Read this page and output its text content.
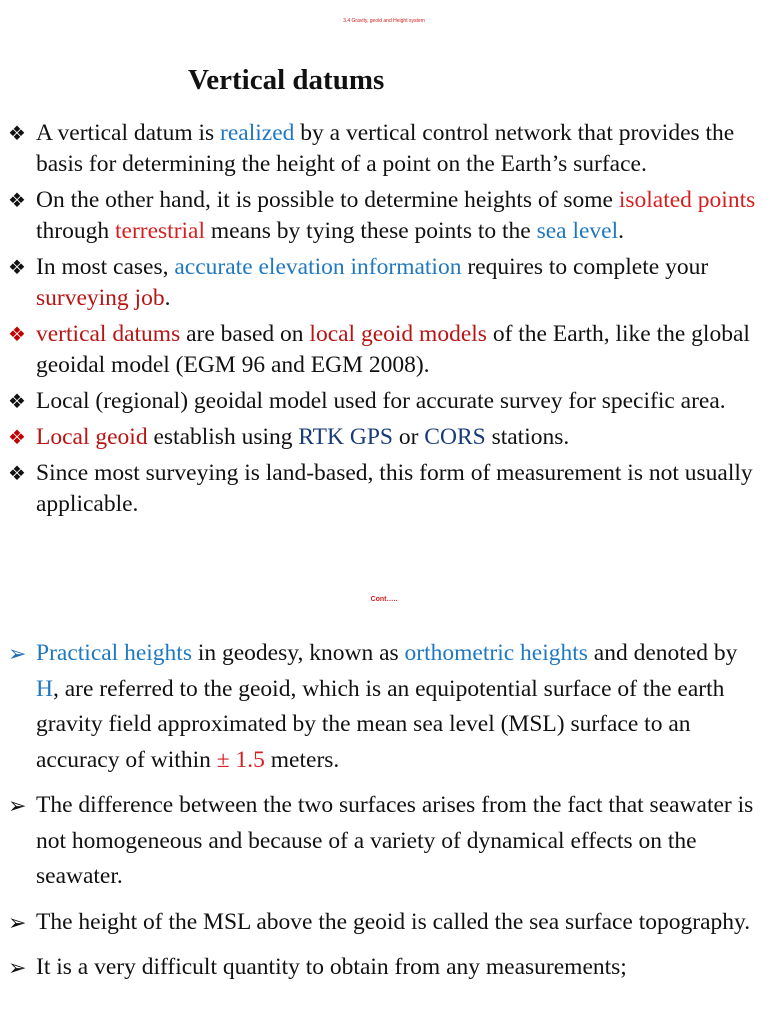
3.4 Gravity, geoid and Height system
Vertical datums
❖ A vertical datum is realized by a vertical control network that provides the basis for determining the height of a point on the Earth’s surface.
❖ On the other hand, it is possible to determine heights of some isolated points through terrestrial means by tying these points to the sea level.
❖ In most cases, accurate elevation information requires to complete your surveying job.
❖ vertical datums are based on local geoid models of the Earth, like the global geoidal model (EGM 96 and EGM 2008).
❖ Local (regional) geoidal model used for accurate survey for specific area.
❖ Local geoid establish using RTK GPS or CORS stations.
❖ Since most surveying is land-based, this form of measurement is not usually applicable.
Cont…..
➢ Practical heights in geodesy, known as orthometric heights and denoted by H, are referred to the geoid, which is an equipotential surface of the earth gravity field approximated by the mean sea level (MSL) surface to an accuracy of within ± 1.5 meters.
➢ The difference between the two surfaces arises from the fact that seawater is not homogeneous and because of a variety of dynamical effects on the seawater.
➢ The height of the MSL above the geoid is called the sea surface topography.
➢ It is a very difficult quantity to obtain from any measurements;
